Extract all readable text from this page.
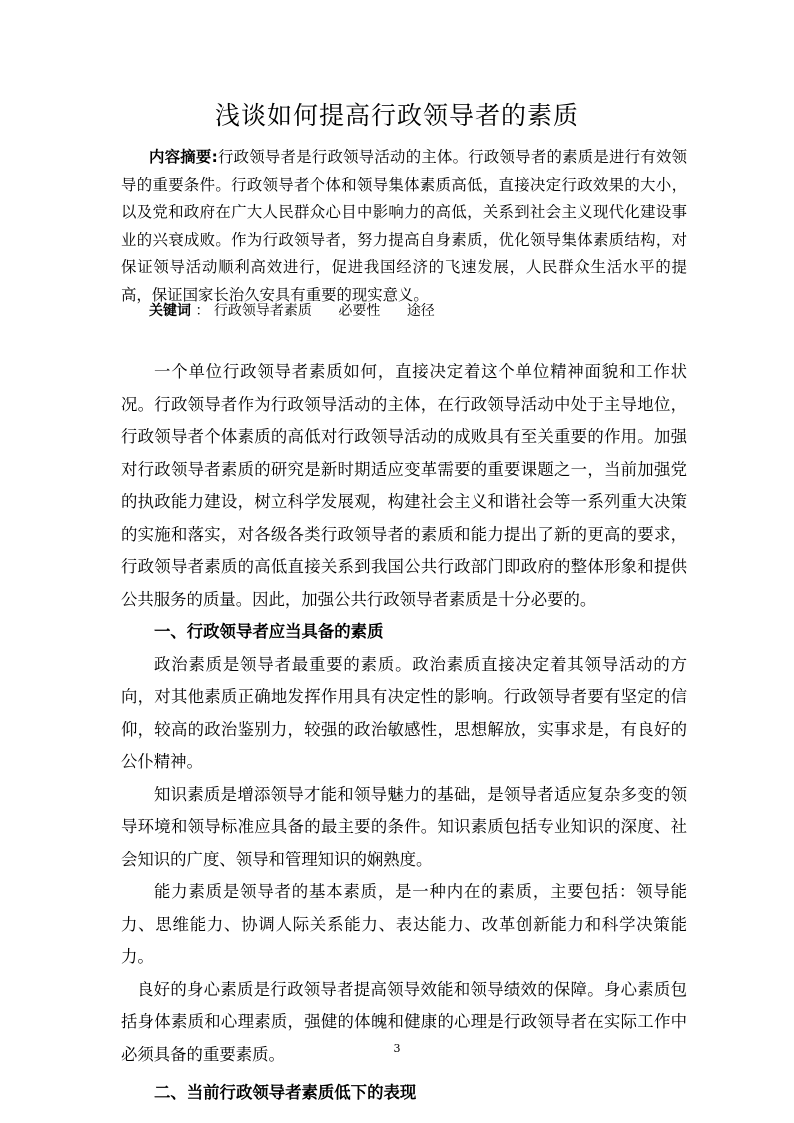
浅谈如何提高行政领导者的素质

内容摘要:行政领导者是行政领导活动的主体。行政领导者的素质是进行有效领导的重要条件。行政领导者个体和领导集体素质高低，直接决定行政效果的大小，以及党和政府在广大人民群众心目中影响力的高低，关系到社会主义现代化建设事业的兴衰成败。作为行政领导者，努力提高自身素质，优化领导集体素质结构，对保证领导活动顺利高效进行，促进我国经济的飞速发展，人民群众生活水平的提高，保证国家长治久安具有重要的现实意义。

关键词 ： 行政领导者素质 必要性 途径

一个单位行政领导者素质如何，直接决定着这个单位精神面貌和工作状况。行政领导者作为行政领导活动的主体，在行政领导活动中处于主导地位，行政领导者个体素质的高低对行政领导活动的成败具有至关重要的作用。加强对行政领导者素质的研究是新时期适应变革需要的重要课题之一，当前加强党的执政能力建设，树立科学发展观，构建社会主义和谐社会等一系列重大决策的实施和落实，对各级各类行政领导者的素质和能力提出了新的更高的要求，行政领导者素质的高低直接关系到我国公共行政部门即政府的整体形象和提供公共服务的质量。因此，加强公共行政领导者素质是十分必要的。

一、行政领导者应当具备的素质

政治素质是领导者最重要的素质。政治素质直接决定着其领导活动的方向，对其他素质正确地发挥作用具有决定性的影响。行政领导者要有坚定的信仰，较高的政治鉴别力，较强的政治敏感性，思想解放，实事求是，有良好的公仆精神。

知识素质是增添领导才能和领导魅力的基础，是领导者适应复杂多变的领导环境和领导标准应具备的最主要的条件。知识素质包括专业知识的深度、社会知识的广度、领导和管理知识的娴熟度。

能力素质是领导者的基本素质，是一种内在的素质，主要包括：领导能力、思维能力、协调人际关系能力、表达能力、改革创新能力和科学决策能力。

良好的身心素质是行政领导者提高领导效能和领导绩效的保障。身心素质包括身体素质和心理素质，强健的体魄和健康的心理是行政领导者在实际工作中必须具备的重要素质。

二、当前行政领导者素质低下的表现
3
